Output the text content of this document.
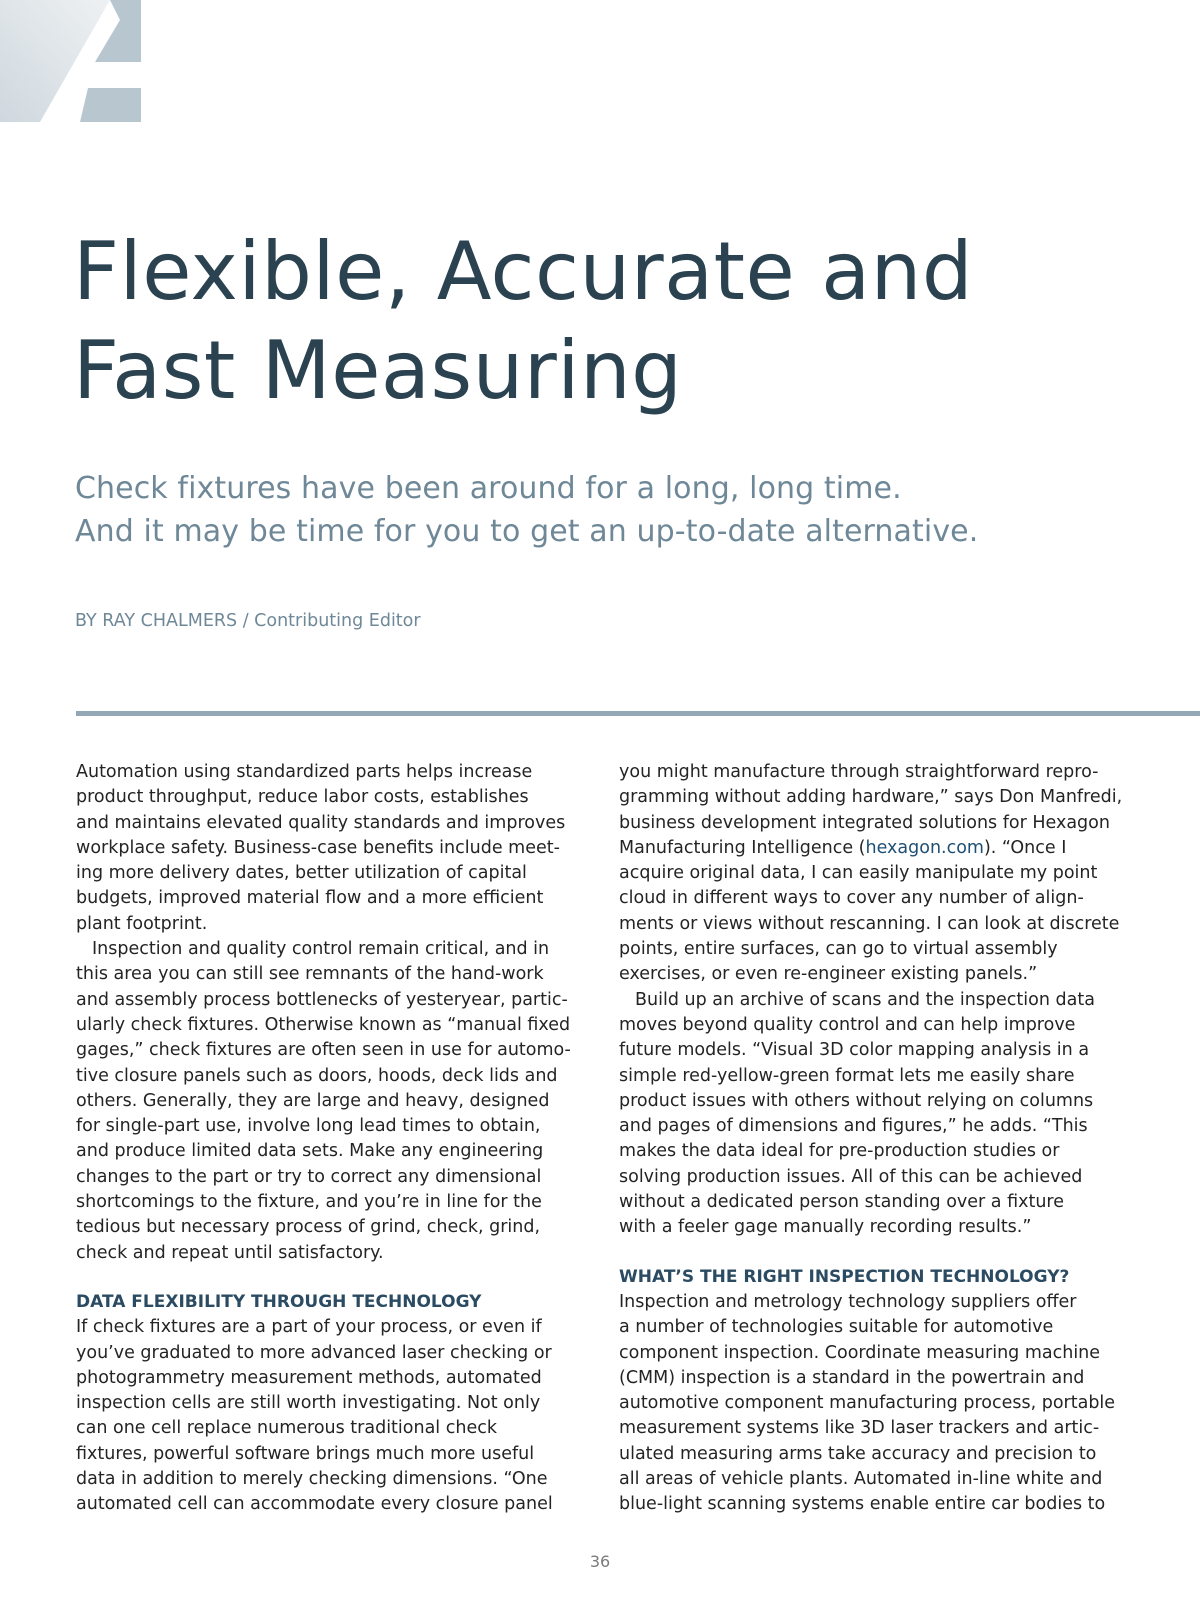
Flexible, Accurate and
Fast Measuring
Check fixtures have been around for a long, long time.
And it may be time for you to get an up-to-date alternative.
BY RAY CHALMERS / Contributing Editor
Automation using standardized parts helps increase
product throughput, reduce labor costs, establishes
and maintains elevated quality standards and improves
workplace safety. Business-case benefits include meet-
ing more delivery dates, better utilization of capital
budgets, improved material flow and a more efficient
plant footprint.
Inspection and quality control remain critical, and in
this area you can still see remnants of the hand-work
and assembly process bottlenecks of yesteryear, partic-
ularly check fixtures. Otherwise known as “manual fixed
gages,” check fixtures are often seen in use for automo-
tive closure panels such as doors, hoods, deck lids and
others. Generally, they are large and heavy, designed
for single-part use, involve long lead times to obtain,
and produce limited data sets. Make any engineering
changes to the part or try to correct any dimensional
shortcomings to the fixture, and you’re in line for the
tedious but necessary process of grind, check, grind,
check and repeat until satisfactory.
DATA FLEXIBILITY THROUGH TECHNOLOGY
If check fixtures are a part of your process, or even if
you’ve graduated to more advanced laser checking or
photogrammetry measurement methods, automated
inspection cells are still worth investigating. Not only
can one cell replace numerous traditional check
fixtures, powerful software brings much more useful
data in addition to merely checking dimensions. “One
automated cell can accommodate every closure panel
you might manufacture through straightforward repro-
gramming without adding hardware,” says Don Manfredi,
business development integrated solutions for Hexagon
Manufacturing Intelligence (hexagon.com). “Once I
acquire original data, I can easily manipulate my point
cloud in different ways to cover any number of align-
ments or views without rescanning. I can look at discrete
points, entire surfaces, can go to virtual assembly
exercises, or even re-engineer existing panels.”
Build up an archive of scans and the inspection data
moves beyond quality control and can help improve
future models. “Visual 3D color mapping analysis in a
simple red-yellow-green format lets me easily share
product issues with others without relying on columns
and pages of dimensions and figures,” he adds. “This
makes the data ideal for pre-production studies or
solving production issues. All of this can be achieved
without a dedicated person standing over a fixture
with a feeler gage manually recording results.”
WHAT’S THE RIGHT INSPECTION TECHNOLOGY?
Inspection and metrology technology suppliers offer
a number of technologies suitable for automotive
component inspection. Coordinate measuring machine
(CMM) inspection is a standard in the powertrain and
automotive component manufacturing process, portable
measurement systems like 3D laser trackers and artic-
ulated measuring arms take accuracy and precision to
all areas of vehicle plants. Automated in-line white and
blue-light scanning systems enable entire car bodies to
36
